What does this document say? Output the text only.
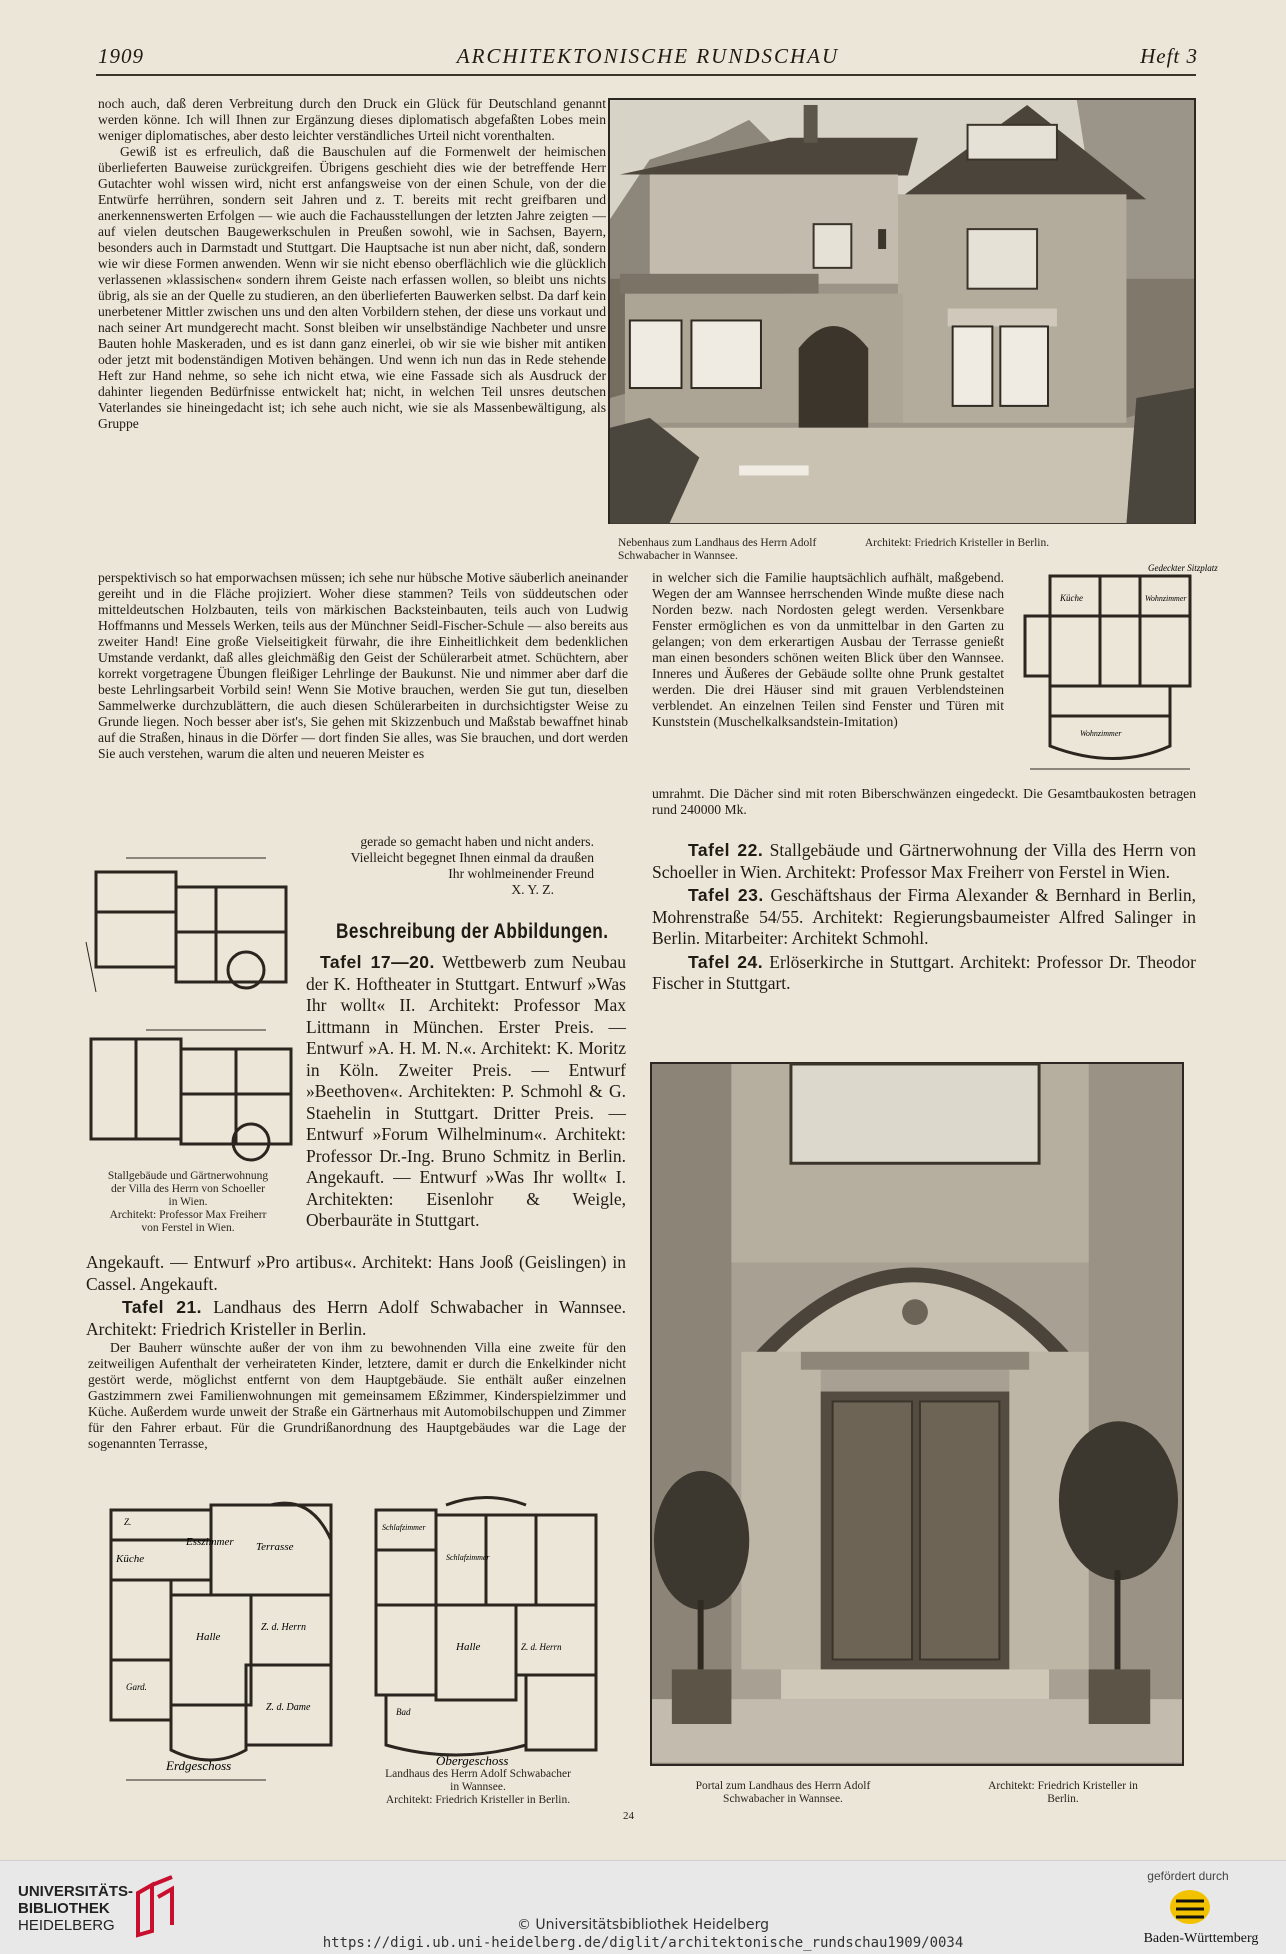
1909	ARCHITEKTONISCHE RUNDSCHAU	Heft 3

noch auch, daß deren Verbreitung durch den Druck ein Glück für Deutschland genannt werden könne. Ich will Ihnen zur Ergänzung dieses diplomatisch abgefaßten Lobes mein weniger diplomatisches, aber desto leichter verständliches Urteil nicht vorenthalten.

Gewiß ist es erfreulich, daß die Bauschulen auf die Formenwelt der heimischen überlieferten Bauweise zurückgreifen. Übrigens geschieht dies wie der betreffende Herr Gutachter wohl wissen wird, nicht erst anfangsweise von der einen Schule, von der die Entwürfe herrühren, sondern seit Jahren und z. T. bereits mit recht greifbaren und anerkennenswerten Erfolgen — wie auch die Fachausstellungen der letzten Jahre zeigten — auf vielen deutschen Baugewerkschulen in Preußen sowohl, wie in Sachsen, Bayern, besonders auch in Darmstadt und Stuttgart. Die Hauptsache ist nun aber nicht, daß, sondern wie wir diese Formen anwenden. Wenn wir sie nicht ebenso oberflächlich wie die glücklich verlassenen »klassischen« sondern ihrem Geiste nach erfassen wollen, so bleibt uns nichts übrig, als sie an der Quelle zu studieren, an den überlieferten Bauwerken selbst. Da darf kein unerbetener Mittler zwischen uns und den alten Vorbildern stehen, der diese uns vorkaut und nach seiner Art mundgerecht macht. Sonst bleiben wir unselbständige Nachbeter und unsre Bauten hohle Maskeraden, und es ist dann ganz einerlei, ob wir sie wie bisher mit antiken oder jetzt mit bodenständigen Motiven behängen. Und wenn ich nun das in Rede stehende Heft zur Hand nehme, so sehe ich nicht etwa, wie eine Fassade sich als Ausdruck der dahinter liegenden Bedürfnisse entwickelt hat; nicht, in welchen Teil unsres deutschen Vaterlandes sie hineingedacht ist; ich sehe auch nicht, wie sie als Massenbewältigung, als Gruppe

Nebenhaus zum Landhaus des Herrn Adolf Schwabacher in Wannsee.
Architekt: Friedrich Kristeller in Berlin.

perspektivisch so hat emporwachsen müssen; ich sehe nur hübsche Motive säuberlich aneinander gereiht und in die Fläche projiziert. Woher diese stammen? Teils von süddeutschen oder mitteldeutschen Holzbauten, teils von märkischen Backsteinbauten, teils auch von Ludwig Hoffmanns und Messels Werken, teils aus der Münchner Seidl-Fischer-Schule — also bereits aus zweiter Hand! Eine große Vielseitigkeit fürwahr, die ihre Einheitlichkeit dem bedenklichen Umstande verdankt, daß alles gleichmäßig den Geist der Schülerarbeit atmet. Schüchtern, aber korrekt vorgetragene Übungen fleißiger Lehrlinge der Baukunst. Nie und nimmer aber darf die beste Lehrlingsarbeit Vorbild sein! Wenn Sie Motive brauchen, werden Sie gut tun, dieselben Sammelwerke durchzublättern, die auch diesen Schülerarbeiten in durchsichtigster Weise zu Grunde liegen. Noch besser aber ist's, Sie gehen mit Skizzenbuch und Maßstab bewaffnet hinab auf die Straßen, hinaus in die Dörfer — dort finden Sie alles, was Sie brauchen, und dort werden Sie auch verstehen, warum die alten und neueren Meister es

in welcher sich die Familie hauptsächlich aufhält, maßgebend. Wegen der am Wannsee herrschenden Winde mußte diese nach Norden bezw. nach Nordosten gelegt werden. Versenkbare Fenster ermöglichen es von da unmittelbar in den Garten zu gelangen; von dem erkerartigen Ausbau der Terrasse genießt man einen besonders schönen weiten Blick über den Wannsee. Inneres und Äußeres der Gebäude sollte ohne Prunk gestaltet werden. Die drei Häuser sind mit grauen Verblendsteinen verblendet. An einzelnen Teilen sind Fenster und Türen mit Kunststein (Muschelkalksandstein-Imitation)

Gedeckter Sitzplatz
Küche	Wohnzimmer
Wohnzimmer

umrahmt. Die Dächer sind mit roten Biberschwänzen eingedeckt. Die Gesamtbaukosten betragen rund 240000 Mk.

gerade so gemacht haben und nicht anders.
Vielleicht begegnet Ihnen einmal da draußen
Ihr wohlmeinender Freund
X. Y. Z.

Tafel 22. Stallgebäude und Gärtnerwohnung der Villa des Herrn von Schoeller in Wien. Architekt: Professor Max Freiherr von Ferstel in Wien.

Tafel 23. Geschäftshaus der Firma Alexander & Bernhard in Berlin, Mohrenstraße 54/55. Architekt: Regierungsbaumeister Alfred Salinger in Berlin. Mitarbeiter: Architekt Schmohl.

Tafel 24. Erlöserkirche in Stuttgart. Architekt: Professor Dr. Theodor Fischer in Stuttgart.

Stallgebäude und Gärtnerwohnung
der Villa des Herrn von Schoeller
in Wien.
Architekt: Professor Max Freiherr
von Ferstel in Wien.
Beschreibung der Abbildungen.

Tafel 17—20. Wettbewerb zum Neubau der K. Hoftheater in Stuttgart. Entwurf »Was Ihr wollt« II. Architekt: Professor Max Littmann in München. Erster Preis. — Entwurf »A. H. M. N.«. Architekt: K. Moritz in Köln. Zweiter Preis. — Entwurf »Beethoven«. Architekten: P. Schmohl & G. Staehelin in Stuttgart. Dritter Preis. — Entwurf »Forum Wilhelminum«. Architekt: Professor Dr.-Ing. Bruno Schmitz in Berlin. Angekauft. — Entwurf »Was Ihr wollt« I. Architekten: Eisenlohr & Weigle, Oberbauräte in Stuttgart.

Angekauft. — Entwurf »Pro artibus«. Architekt: Hans Jooß (Geislingen) in Cassel. Angekauft.

Tafel 21. Landhaus des Herrn Adolf Schwabacher in Wannsee. Architekt: Friedrich Kristeller in Berlin.

Der Bauherr wünschte außer der von ihm zu bewohnenden Villa eine zweite für den zeitweiligen Aufenthalt der verheirateten Kinder, letztere, damit er durch die Enkelkinder nicht gestört werde, möglichst entfernt von dem Hauptgebäude. Sie enthält außer einzelnen Gastzimmern zwei Familienwohnungen mit gemeinsamem Eßzimmer, Kinderspielzimmer und Küche. Außerdem wurde unweit der Straße ein Gärtnerhaus mit Automobilschuppen und Zimmer für den Fahrer erbaut. Für die Grundrißanordnung des Hauptgebäudes war die Lage der sogenannten Terrasse,

Z.
Küche
Esszimmer Terrasse
Halle
Z. d. Herrn
Z. d. Dame
Gard.
Erdgeschoss
Schlafzimmer
Schlafzimmer
Halle	Z. d. Herrn
Bad
Obergeschoss
Landhaus des Herrn Adolf Schwabacher
in Wannsee.
Architekt: Friedrich Kristeller in Berlin.
Portal zum Landhaus des Herrn Adolf Schwabacher in Wannsee.
Architekt: Friedrich Kristeller in Berlin.
24
UNIVERSITÄTS-
BIBLIOTHEK
HEIDELBERG	© Universitätsbibliothek Heidelberg
https://digi.ub.uni-heidelberg.de/diglit/architektonische_rundschau1909/0034
gefördert durch
Baden-Württemberg
